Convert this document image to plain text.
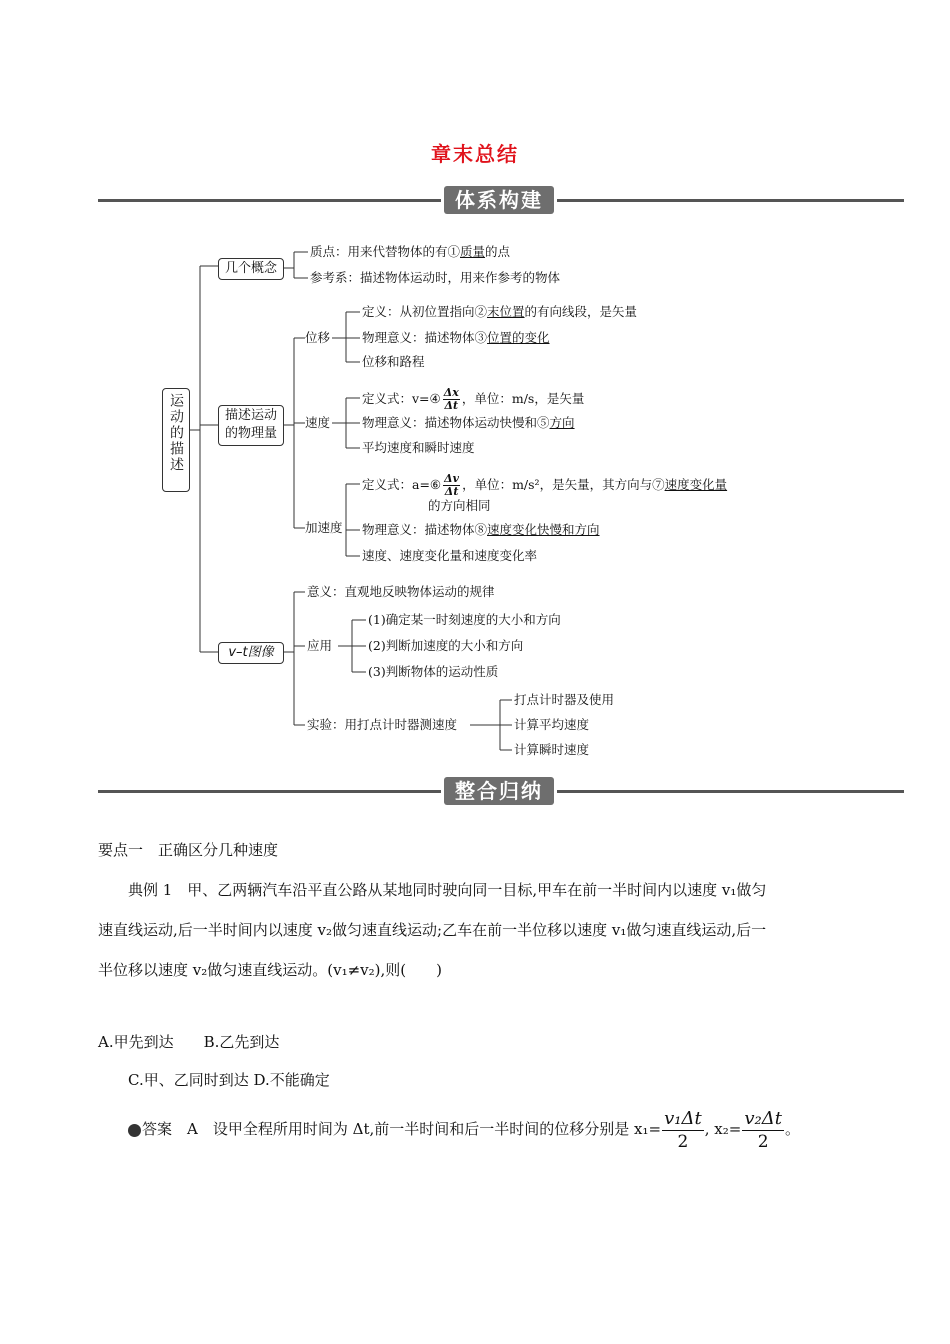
章末总结
体系构建
运动的描述
几个概念
质点：用来代替物体的有①质量的点
参考系：描述物体运动时，用来作参考的物体
描述运动
的物理量
位移
定义：从初位置指向②末位置的有向线段，是矢量
物理意义：描述物体③位置的变化
位移和路程
速度
定义式：v=④ $\frac{\Delta x}{\Delta t}$ ，单位：m/s，是矢量
物理意义：描述物体运动快慢和⑤方向
平均速度和瞬时速度
加速度
定义式：a=⑥ $\frac{\Delta v}{\Delta t}$ ，单位：m/s²，是矢量，其方向与⑦速度变化量
的方向相同
物理意义：描述物体⑧速度变化快慢和方向
速度、速度变化量和速度变化率
v–t图像
意义：直观地反映物体运动的规律
应用
(1)确定某一时刻速度的大小和方向
(2)判断加速度的大小和方向
(3)判断物体的运动性质
实验：用打点计时器测速度
打点计时器及使用
计算平均速度
计算瞬时速度
整合归纳
要点一　正确区分几种速度
典例 1　甲、乙两辆汽车沿平直公路从某地同时驶向同一目标,甲车在前一半时间内以速度 v₁做匀
速直线运动,后一半时间内以速度 v₂做匀速直线运动;乙车在前一半位移以速度 v₁做匀速直线运动,后一
半位移以速度 v₂做匀速直线运动。(v₁≠v₂),则(　　)
A.甲先到达　　B.乙先到达
C.甲、乙同时到达 D.不能确定
答案　 A　 设甲全程所用时间为 Δt,前一半时间和后一半时间的位移分别是 $x_1= \frac{\text{v₁Δt}}{2}$ , $x_2= \frac{\text{v₂Δt}}{2}$ 。
